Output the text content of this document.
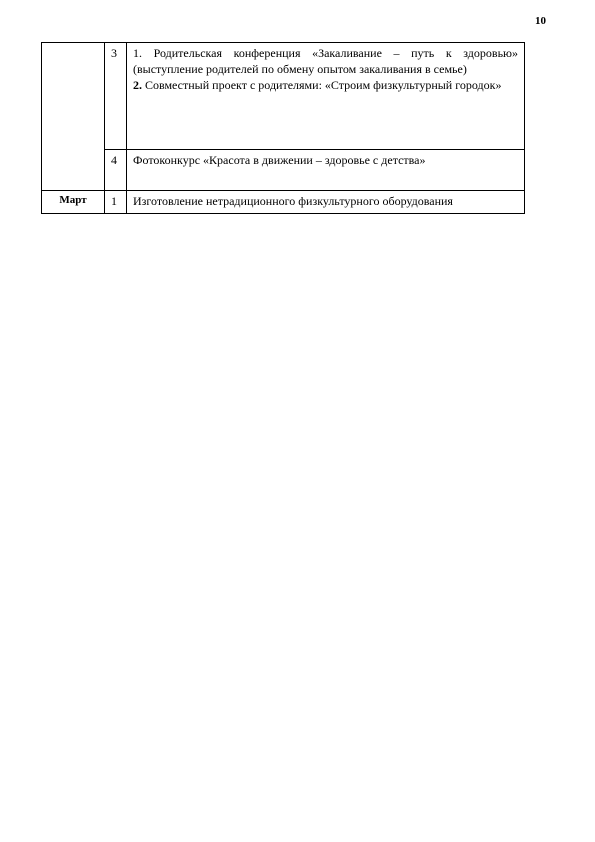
10
	3	1. Родительская конференция «Закаливание – путь к здоровью» (выступление родителей по обмену опытом закаливания в семье)
2. Совместный проект с родителями: «Строим физкультурный городок»

	4	Фотоконкурс «Красота в движении – здоровье с детства»
Март	1	Изготовление нетрадиционного физкультурного оборудования
